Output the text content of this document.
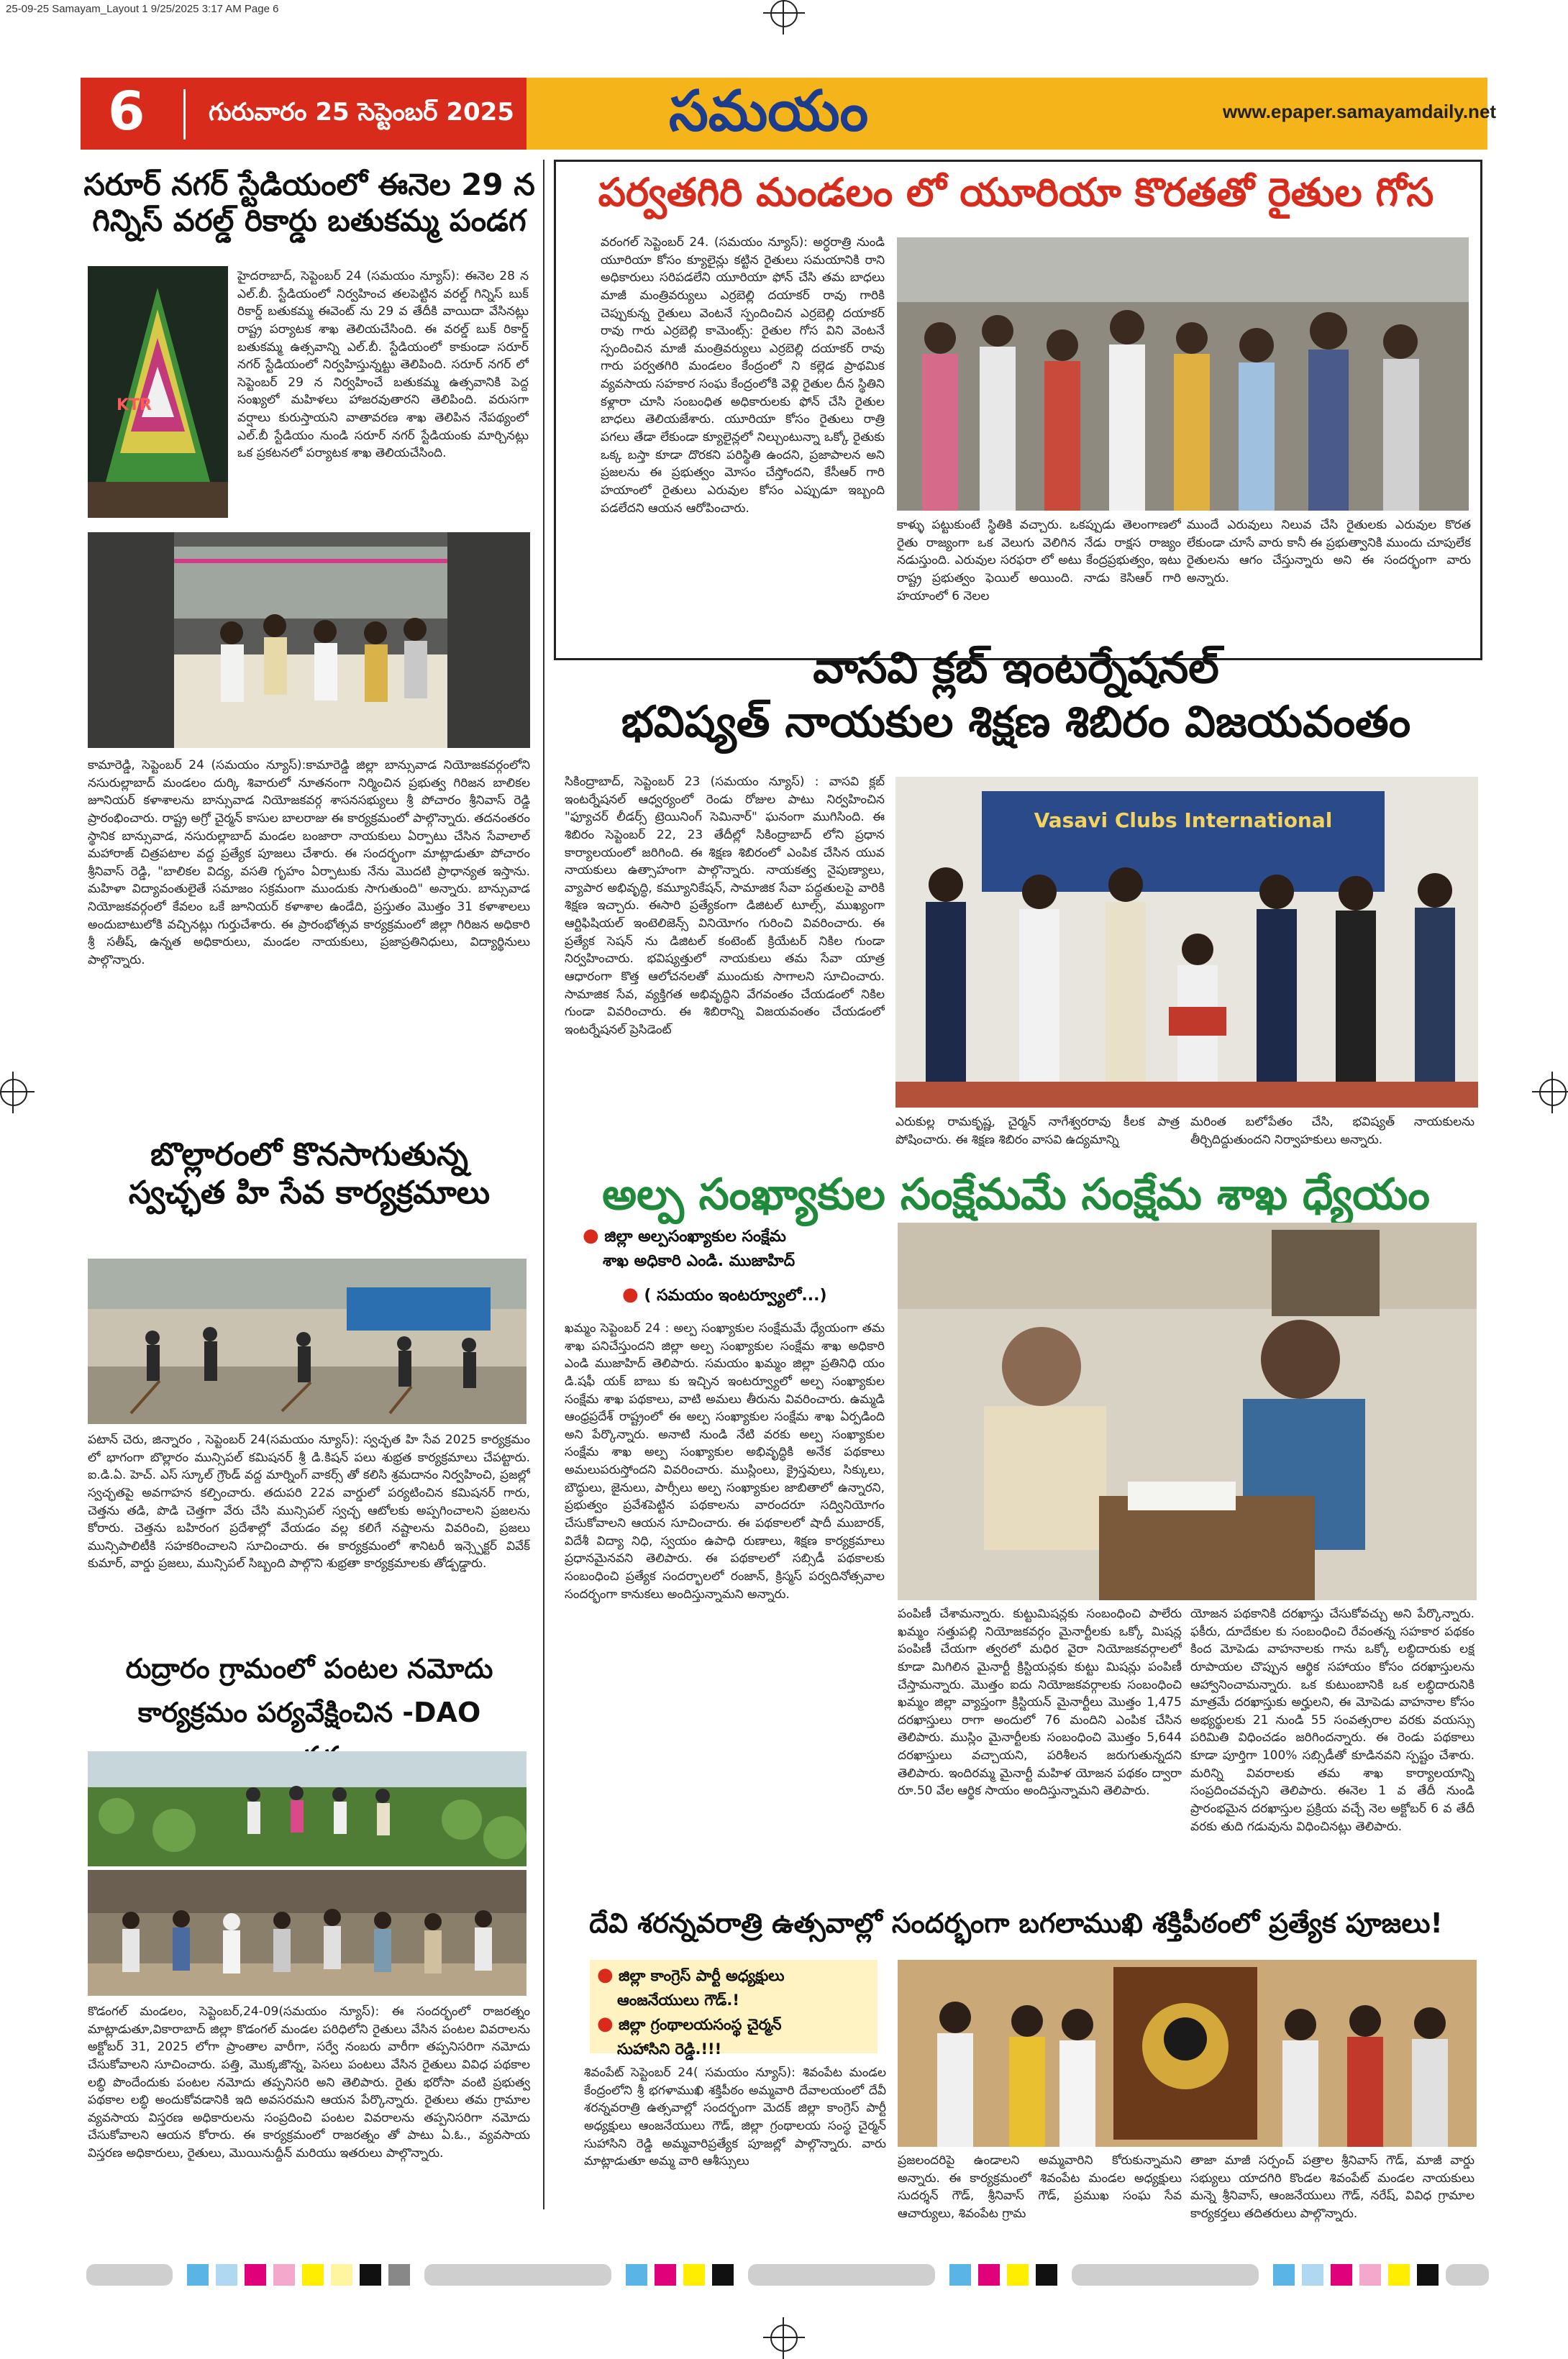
25-09-25 Samayam_Layout 1 9/25/2025 3:17 AM Page 6
6	గురువారం 25 సెప్టెంబర్ 2025	సమయం	www.epaper.samayamdaily.net
సరూర్ నగర్ స్టేడియంలో ఈనెల 29 న
గిన్నిస్ వరల్డ్ రికార్డు బతుకమ్మ పండగ
KTR
హైదరాబాద్, సెప్టెంబర్ 24 (సమయం న్యూస్): ఈనెల 28 న ఎల్.బీ. స్టేడియంలో నిర్వహించ తలపెట్టిన వరల్డ్ గిన్నిస్ బుక్ రికార్డ్ బతుకమ్మ ఈవెంట్ ను 29 వ తేదీకి వాయిదా వేసినట్లు రాష్ట్ర పర్యాటక శాఖ తెలియచేసింది. ఈ వరల్డ్ బుక్ రికార్డ్ బతుకమ్మ ఉత్సవాన్ని ఎల్.బీ. స్టేడియంలో కాకుండా సరూర్ నగర్ స్టేడియంలో నిర్వహిస్తున్నట్టు తెలిపింది. సరూర్ నగర్ లో సెప్టెంబర్ 29 న నిర్వహించే బతుకమ్మ ఉత్సవానికి పెద్ద సంఖ్యలో మహిళలు హాజరవుతారని తెలిపింది. వరుసగా వర్షాలు కురుస్తాయని వాతావరణ శాఖ తెలిపిన నేపథ్యంలో ఎల్.బీ స్టేడియం నుండి సరూర్ నగర్ స్టేడియంకు మార్చినట్లు ఒక ప్రకటనలో పర్యాటక శాఖ తెలియచేసింది.
కామారెడ్డి, సెప్టెంబర్ 24 (సమయం న్యూస్):కామారెడ్డి జిల్లా బాన్సువాడ నియోజకవర్గంలోని నసురుల్లాబాద్ మండలం దుర్కి శివారులో నూతనంగా నిర్మించిన ప్రభుత్వ గిరిజన బాలికల జూనియర్ కళాశాలను బాన్సువాడ నియోజకవర్గ శాసనసభ్యులు శ్రీ పోచారం శ్రీనివాస్ రెడ్డి ప్రారంభించారు. రాష్ట్ర అగ్రో చైర్మన్ కాసుల బాలరాజు ఈ కార్యక్రమంలో పాల్గొన్నారు. తదనంతరం స్థానిక బాన్సువాడ, నసురుల్లాబాద్ మండల బంజారా నాయకులు ఏర్పాటు చేసిన సేవాలాల్ మహారాజ్ చిత్రపటాల వద్ద ప్రత్యేక పూజలు చేశారు. ఈ సందర్భంగా మాట్లాడుతూ పోచారం శ్రీనివాస్ రెడ్డి, "బాలికల విద్య, వసతి గృహం ఏర్పాటుకు నేను మొదటి ప్రాధాన్యత ఇస్తాను. మహిళా విద్యావంతులైతే సమాజం సక్రమంగా ముందుకు సాగుతుంది" అన్నారు. బాన్సువాడ నియోజకవర్గంలో కేవలం ఒకే జూనియర్ కళాశాల ఉండేది, ప్రస్తుతం మొత్తం 31 కళాశాలలు అందుబాటులోకి వచ్చినట్లు గుర్తుచేశారు. ఈ ప్రారంభోత్సవ కార్యక్రమంలో జిల్లా గిరిజన అధికారి శ్రీ సతీష్, ఉన్నత అధికారులు, మండల నాయకులు, ప్రజాప్రతినిధులు, విద్యార్థినులు పాల్గొన్నారు.
బొల్లారంలో కొనసాగుతున్న
స్వచ్ఛత హి సేవ కార్యక్రమాలు
పటాన్ చెరు, జిన్నారం , సెప్టెంబర్ 24(సమయం న్యూస్): స్వచ్ఛత హి సేవ 2025 కార్యక్రమం లో భాగంగా బొల్లారం మున్సిపల్ కమిషనర్ శ్రీ డి.కిషన్ పలు శుభ్రత కార్యక్రమాలు చేపట్టారు. ఐ.డి.ఏ. హెచ్. ఎస్ స్కూల్ గ్రౌండ్ వద్ద మార్నింగ్ వాకర్స్ తో కలిసి శ్రమదానం నిర్వహించి, ప్రజల్లో స్వచ్ఛతపై అవగాహన కల్పించారు. తదుపరి 22వ వార్డులో పర్యటించిన కమిషనర్ గారు, చెత్తను తడి, పొడి చెత్తగా వేరు చేసి మున్సిపల్ స్వచ్ఛ ఆటోలకు అప్పగించాలని ప్రజలను కోరారు. చెత్తను బహిరంగ ప్రదేశాల్లో వేయడం వల్ల కలిగే నష్టాలను వివరించి, ప్రజలు మున్సిపాలిటీకి సహకరించాలని సూచించారు. ఈ కార్యక్రమంలో శానిటరీ ఇన్స్పెక్టర్ వివేక్ కుమార్, వార్డు ప్రజలు, మున్సిపల్ సిబ్బంది పాల్గొని శుభ్రతా కార్యక్రమాలకు తోడ్పడ్డారు.
రుద్రారం గ్రామంలో పంటల నమోదు
కార్యక్రమం పర్యవేక్షించిన -DAO
కొడంగల్ మండలం, సెప్టెంబర్,24-09(సమయం న్యూస్): ఈ సందర్భంలో రాజరత్నం మాట్లాడుతూ,వికారాబాద్ జిల్లా కొడంగల్ మండల పరిధిలోని రైతులు వేసిన పంటల వివరాలను అక్టోబర్ 31, 2025 లోగా ప్రాంతాల వారీగా, సర్వే నంబరు వారీగా తప్పనిసరిగా నమోదు చేసుకోవాలని సూచించారు. పత్తి, మొక్కజొన్న, పెసలు పంటలు వేసిన రైతులు వివిధ పథకాల లబ్ధి పొందేందుకు పంటల నమోదు తప్పనిసరి అని తెలిపారు. రైతు భరోసా వంటి ప్రభుత్వ పథకాల లబ్ధి అందుకోవడానికి ఇది అవసరమని ఆయన పేర్కొన్నారు. రైతులు తమ గ్రామాల వ్యవసాయ విస్తరణ అధికారులను సంప్రదించి పంటల వివరాలను తప్పనిసరిగా నమోదు చేసుకోవాలని ఆయన కోరారు. ఈ కార్యక్రమంలో రాజరత్నం తో పాటు ఏ.ఓ., వ్యవసాయ విస్తరణ అధికారులు, రైతులు, మొయినుద్దీన్ మరియు ఇతరులు పాల్గొన్నారు.
పర్వతగిరి మండలం లో యూరియా కొరతతో రైతుల గోస
వరంగల్ సెప్టెంబర్ 24. (సమయం న్యూస్): అర్ధరాత్రి నుండి యూరియా కోసం క్యూలైన్లు కట్టిన రైతులు సమయానికి రాని అధికారులు సరిపడలేని యూరియా ఫోన్ చేసి తమ బాధలు మాజీ మంత్రివర్యులు ఎర్రబెల్లి దయాకర్ రావు గారికి చెప్పుకున్న రైతులు వెంటనే స్పందించిన ఎర్రబెల్లి దయాకర్ రావు గారు ఎర్రబెల్లి కామెంట్స్: రైతుల గోస విని వెంటనే స్పందించిన మాజీ మంత్రివర్యులు ఎర్రబెల్లి దయాకర్ రావు గారు పర్వతగిరి మండలం కేంద్రంలో ని కల్లెడ ప్రాథమిక వ్యవసాయ సహకార సంఘ కేంద్రంలోకి వెళ్లి రైతుల దీన స్థితిని కళ్లారా చూసి సంబంధిత అధికారులకు ఫోన్ చేసి రైతుల బాధలు తెలియజేశారు. యూరియా కోసం రైతులు రాత్రి పగలు తేడా లేకుండా క్యూలైన్లలో నిల్చుంటున్నా ఒక్కో రైతుకు ఒక్క బస్తా కూడా దొరకని పరిస్థితి ఉందని, ప్రజాపాలన అని ప్రజలను ఈ ప్రభుత్వం మోసం చేస్తోందని, కేసీఆర్ గారి హయాంలో రైతులు ఎరువుల కోసం ఎప్పుడూ ఇబ్బంది పడలేదని ఆయన ఆరోపించారు.
కాళ్ళు పట్టుకుంటే స్థితికి వచ్చారు. ఒకప్పుడు తెలంగాణలో రైతు రాజ్యంగా ఒక వెలుగు వెలిగిన నేడు రాక్షస రాజ్యం నడుస్తుంది. ఎరువుల సరఫరా లో అటు కేంద్రప్రభుత్వం, ఇటు రాష్ట్ర ప్రభుత్వం ఫెయిల్ అయింది. నాడు కెసిఆర్ గారి హయాంలో 6 నెలల
ముందే ఎరువులు నిలువ చేసి రైతులకు ఎరువుల కొరత లేకుండా చూసే వారు కానీ ఈ ప్రభుత్వానికి ముందు చూపులేక రైతులను ఆగం చేస్తున్నారు అని ఈ సందర్భంగా వారు అన్నారు.
వాసవి క్లబ్ ఇంటర్నేషనల్
భవిష్యత్ నాయకుల శిక్షణ శిబిరం విజయవంతం
సికింద్రాబాద్, సెప్టెంబర్ 23 (సమయం న్యూస్) : వాసవి క్లబ్ ఇంటర్నేషనల్ ఆధ్వర్యంలో రెండు రోజుల పాటు నిర్వహించిన "ఫ్యూచర్ లీడర్స్ ట్రెయినింగ్ సెమినార్" ఘనంగా ముగిసింది. ఈ శిబిరం సెప్టెంబర్ 22, 23 తేదీల్లో సికింద్రాబాద్ లోని ప్రధాన కార్యాలయంలో జరిగింది. ఈ శిక్షణ శిబిరంలో ఎంపిక చేసిన యువ నాయకులు ఉత్సాహంగా పాల్గొన్నారు. నాయకత్వ నైపుణ్యాలు, వ్యాపార అభివృద్ధి, కమ్యూనికేషన్, సామాజిక సేవా పద్ధతులపై వారికి శిక్షణ ఇచ్చారు. ఈసారి ప్రత్యేకంగా డిజిటల్ టూల్స్, ముఖ్యంగా ఆర్టిఫిషియల్ ఇంటెలిజెన్స్ వినియోగం గురించి వివరించారు. ఈ ప్రత్యేక సెషన్ ను డిజిటల్ కంటెంట్ క్రియేటర్ నికిల గుండా నిర్వహించారు. భవిష్యత్తులో నాయకులు తమ సేవా యాత్ర ఆధారంగా కొత్త ఆలోచనలతో ముందుకు సాగాలని సూచించారు. సామాజిక సేవ, వ్యక్తిగత అభివృద్ధిని వేగవంతం చేయడంలో నికిల గుండా వివరించారు. ఈ శిబిరాన్ని విజయవంతం చేయడంలో ఇంటర్నేషనల్ ప్రెసిడెంట్
Vasavi Clubs International
ఎరుకుల్ల రామకృష్ణ, చైర్మన్ నాగేశ్వరరావు కీలక పాత్ర పోషించారు. ఈ శిక్షణ శిబిరం వాసవి ఉద్యమాన్ని
మరింత బలోపేతం చేసి, భవిష్యత్ నాయకులను తీర్చిదిద్దుతుందని నిర్వాహకులు అన్నారు.
అల్ప సంఖ్యాకుల సంక్షేమమే సంక్షేమ శాఖ ధ్యేయం
● జిల్లా అల్పసంఖ్యాకుల సంక్షేమ
శాఖ అధికారి ఎండి. ముజాహిద్
● ( సమయం ఇంటర్వ్యూలో...)
ఖమ్మం సెప్టెంబర్ 24 : అల్ప సంఖ్యాకుల సంక్షేమమే ధ్యేయంగా తమ శాఖ పనిచేస్తుందని జిల్లా అల్ప సంఖ్యాకుల సంక్షేమ శాఖ అధికారి ఎండి ముజాహిద్ తెలిపారు. సమయం ఖమ్మం జిల్లా ప్రతినిధి యం డి.షఫీ యక్ బాబు కు ఇచ్చిన ఇంటర్వ్యూలో అల్ప సంఖ్యాకుల సంక్షేమ శాఖ పథకాలు, వాటి అమలు తీరును వివరించారు. ఉమ్మడి ఆంధ్రప్రదేశ్ రాష్ట్రంలో ఈ అల్ప సంఖ్యాకుల సంక్షేమ శాఖ ఏర్పడింది అని పేర్కొన్నారు. అనాటి నుండి నేటి వరకు అల్ప సంఖ్యాకుల సంక్షేమ శాఖ అల్ప సంఖ్యాకుల అభివృద్ధికి అనేక పథకాలు అమలుపరుస్తోందని వివరించారు. ముస్లింలు, క్రైస్తవులు, సిక్కులు, బౌద్ధులు, జైనులు, పార్సీలు అల్ప సంఖ్యాకుల జాబితాలో ఉన్నారని, ప్రభుత్వం ప్రవేశపెట్టిన పథకాలను వారందరూ సద్వినియోగం చేసుకోవాలని ఆయన సూచించారు. ఈ పథకాలలో షాదీ ముబారక్, విదేశీ విద్యా నిధి, స్వయం ఉపాధి రుణాలు, శిక్షణ కార్యక్రమాలు ప్రధానమైనవని తెలిపారు. ఈ పథకాలలో సబ్సిడీ పథకాలకు సంబంధించి ప్రత్యేక సందర్భాలలో రంజాన్, క్రిస్మస్ పర్వదినోత్సవాల సందర్భంగా కానుకలు అందిస్తున్నామని అన్నారు.
పంపిణీ చేశామన్నారు. కుట్టుమిషన్లకు సంబంధించి పాలేరు ఖమ్మం సత్తుపల్లి నియోజకవర్గం మైనార్టీలకు ఒక్కో మిషన్ల పంపిణీ చేయగా త్వరలో మధిర వైరా నియోజకవర్గాలలో కూడా మిగిలిన మైనార్టీ క్రిస్టియన్లకు కుట్టు మిషన్లు పంపిణీ చేస్తామన్నారు. మొత్తం ఐదు నియోజకవర్గాలకు సంబంధించి ఖమ్మం జిల్లా వ్యాప్తంగా క్రిస్టియన్ మైనార్టీలు మొత్తం 1,475 దరఖాస్తులు రాగా అందులో 76 మందిని ఎంపిక చేసిన తెలిపారు. ముస్లిం మైనార్టీలకు సంబంధించి మొత్తం 5,644 దరఖాస్తులు వచ్చాయని, పరిశీలన జరుగుతున్నదని తెలిపారు. ఇందిరమ్మ మైనార్టీ మహిళ యోజన పథకం ద్వారా రూ.50 వేల ఆర్థిక సాయం అందిస్తున్నామని తెలిపారు.
యోజన పథకానికి దరఖాస్తు చేసుకోవచ్చు అని పేర్కొన్నారు. ఫకీరు, దూదేకుల కు సంబంధించి రేవంతన్న సహకార పథకం కింద మోపెడు వాహనాలకు గాను ఒక్కో లబ్ధిదారుకు లక్ష రూపాయల చొప్పున ఆర్థిక సహాయం కోసం దరఖాస్తులను ఆహ్వానించామన్నారు. ఒక కుటుంబానికి ఒక లబ్ధిదారునికి మాత్రమే దరఖాస్తుకు అర్హులని, ఈ మోపెడు వాహనాల కోసం అభ్యర్థులకు 21 నుండి 55 సంవత్సరాల వరకు వయస్సు పరిమితి విధించడం జరిగిందన్నారు. ఈ రెండు పథకాలు కూడా పూర్తిగా 100% సబ్సిడీతో కూడినవని స్పష్టం చేశారు. మరిన్ని వివరాలకు తమ శాఖ కార్యాలయాన్ని సంప్రదించవచ్చని తెలిపారు. ఈనెల 1 వ తేదీ నుండి ప్రారంభమైన దరఖాస్తుల ప్రక్రియ వచ్చే నెల అక్టోబర్ 6 వ తేదీ వరకు తుది గడువును విధించినట్లు తెలిపారు.
దేవి శరన్నవరాత్రి ఉత్సవాల్లో సందర్భంగా బగలాముఖి శక్తిపీఠంలో ప్రత్యేక పూజలు!
● జిల్లా కాంగ్రెస్ పార్టీ అధ్యక్షులు
ఆంజనేయులు గౌడ్.!
● జిల్లా గ్రంథాలయసంస్థ చైర్మన్
సుహాసిని రెడ్డి.!!!
శివంపేట్ సెప్టెంబర్ 24( సమయం న్యూస్): శివంపేట మండల కేంద్రంలోని శ్రీ భగళాముఖి శక్తిపీఠం అమ్మవారి దేవాలయంలో దేవీ శరన్నవరాత్రి ఉత్సవాల్లో సందర్భంగా మెదక్ జిల్లా కాంగ్రెస్ పార్టీ అధ్యక్షులు ఆంజనేయులు గౌడ్, జిల్లా గ్రంథాలయ సంస్థ చైర్మన్ సుహాసిని రెడ్డి అమ్మవారిప్రత్యేక పూజల్లో పాల్గొన్నారు. వారు మాట్లాడుతూ అమ్మ వారి ఆశీస్సులు	ప్రజలందరిపై ఉండాలని అమ్మవారిని కోరుకున్నామని అన్నారు. ఈ కార్యక్రమంలో శివంపేట మండల అధ్యక్షులు సుదర్శన్ గౌడ్, శ్రీనివాస్ గౌడ్, ప్రముఖ సంఘ సేవ ఆచార్యులు, శివంపేట గ్రామ
తాజా మాజీ సర్పంచ్ పత్రాల శ్రీనివాస్ గౌడ్, మాజీ వార్డు సభ్యులు యాదగిరి కొండల శివంపేట్ మండల నాయకులు మన్నె శ్రీనివాస్, ఆంజనేయులు గౌడ్, నరేష్, వివిధ గ్రామాల కార్యకర్తలు తదితరులు పాల్గొన్నారు.
